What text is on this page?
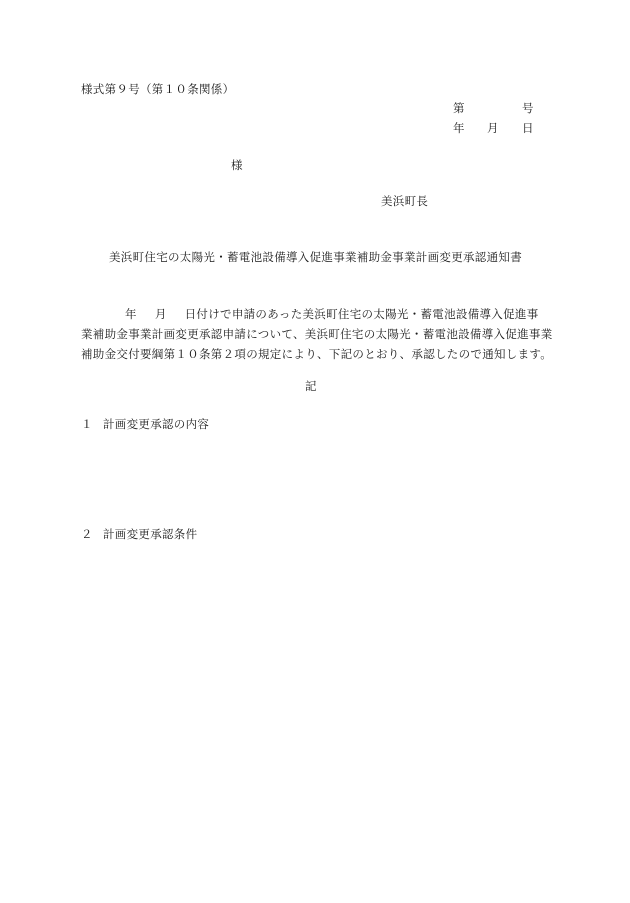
様式第９号（第１０条関係）
第	号
年 月 日
様
美浜町長
美浜町住宅の太陽光・蓄電池設備導入促進事業補助金事業計画変更承認通知書
年 月 日付けで申請のあった美浜町住宅の太陽光・蓄電池設備導入促進事
業補助金事業計画変更承認申請について、美浜町住宅の太陽光・蓄電池設備導入促進事業
補助金交付要綱第１０条第２項の規定により、下記のとおり、承認したので通知します。
記
１ 計画変更承認の内容
２ 計画変更承認条件
